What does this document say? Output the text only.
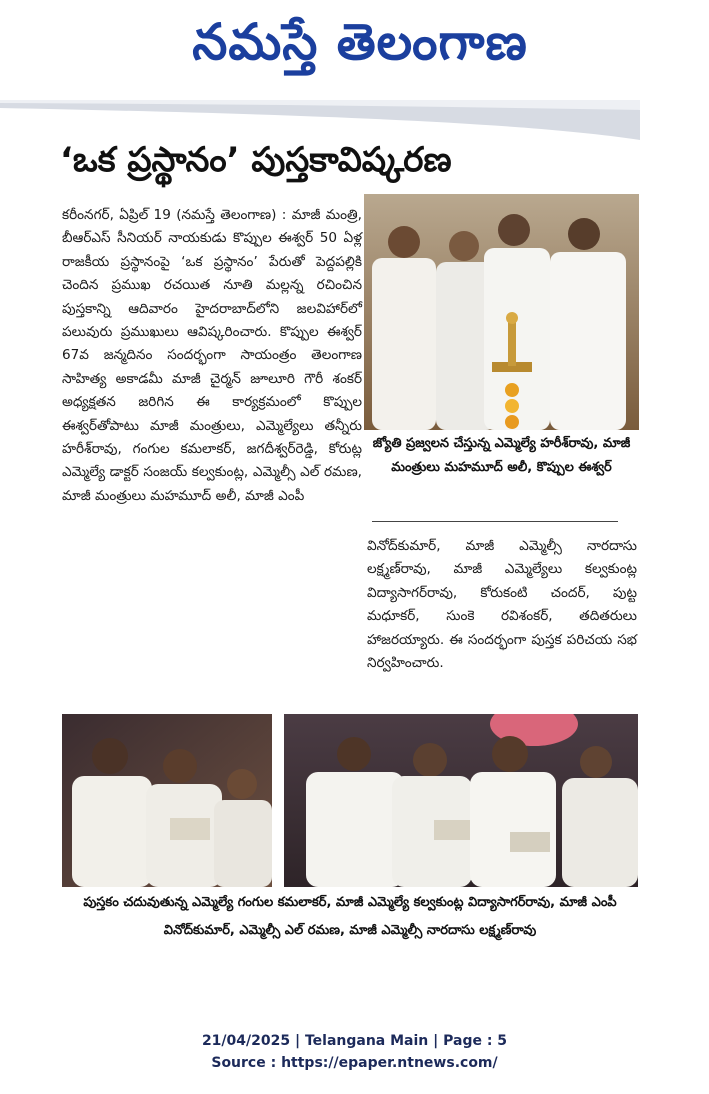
నమస్తే తెలంగాణ
‘ఒక ప్రస్థానం’ పుస్తకావిష్కరణ

కరీంనగర్, ఏప్రిల్ 19 (నమస్తే తెలంగాణ) : మాజీ మంత్రి, బీఆర్ఎస్ సీనియర్ నాయకుడు కొప్పుల ఈశ్వర్ 50 ఏళ్ల రాజకీయ ప్రస్థానంపై ‘ఒక ప్రస్థానం’ పేరుతో పెద్దపల్లికి చెందిన ప్రముఖ రచయిత నూతి మల్లన్న రచించిన పుస్తకాన్ని ఆదివారం హైదరాబాద్‌లోని జలవిహార్‌లో పలువురు ప్రముఖులు ఆవిష్కరించారు. కొప్పుల ఈశ్వర్ 67వ జన్మదినం సందర్భంగా సాయంత్రం తెలంగాణ సాహిత్య అకాడమీ మాజీ చైర్మన్ జూలూరి గౌరీ శంకర్ అధ్యక్షతన జరిగిన ఈ కార్యక్రమంలో కొప్పుల ఈశ్వర్‌తోపాటు మాజీ మంత్రులు, ఎమ్మెల్యేలు తన్నీరు హరీశ్‌రావు, గంగుల కమలాకర్, జగదీశ్వర్‌రెడ్డి, కోరుట్ల ఎమ్మెల్యే డాక్టర్ సంజయ్ కల్వకుంట్ల, ఎమ్మెల్సీ ఎల్ రమణ, మాజీ మంత్రులు మహమూద్ అలీ, మాజీ ఎంపీ

జ్యోతి ప్రజ్వలన చేస్తున్న ఎమ్మెల్యే హరీశ్‌రావు, మాజీ మంత్రులు మహమూద్ అలీ, కొప్పుల ఈశ్వర్

వినోద్‌కుమార్, మాజీ ఎమ్మెల్సీ నారదాసు లక్ష్మణ్‌రావు, మాజీ ఎమ్మెల్యేలు కల్వకుంట్ల విద్యాసాగర్‌రావు, కోరుకంటి చందర్, పుట్ట మధూకర్, సుంకె రవిశంకర్, తదితరులు హాజరయ్యారు. ఈ సందర్భంగా పుస్తక పరిచయ సభ నిర్వహించారు.

పుస్తకం చదువుతున్న ఎమ్మెల్యే గంగుల కమలాకర్, మాజీ ఎమ్మెల్యే కల్వకుంట్ల విద్యాసాగర్‌రావు, మాజీ ఎంపీ వినోద్‌కుమార్, ఎమ్మెల్సీ ఎల్ రమణ, మాజీ ఎమ్మెల్సీ నారదాసు లక్ష్మణ్‌రావు
21/04/2025 | Telangana Main | Page : 5
Source : https://epaper.ntnews.com/
